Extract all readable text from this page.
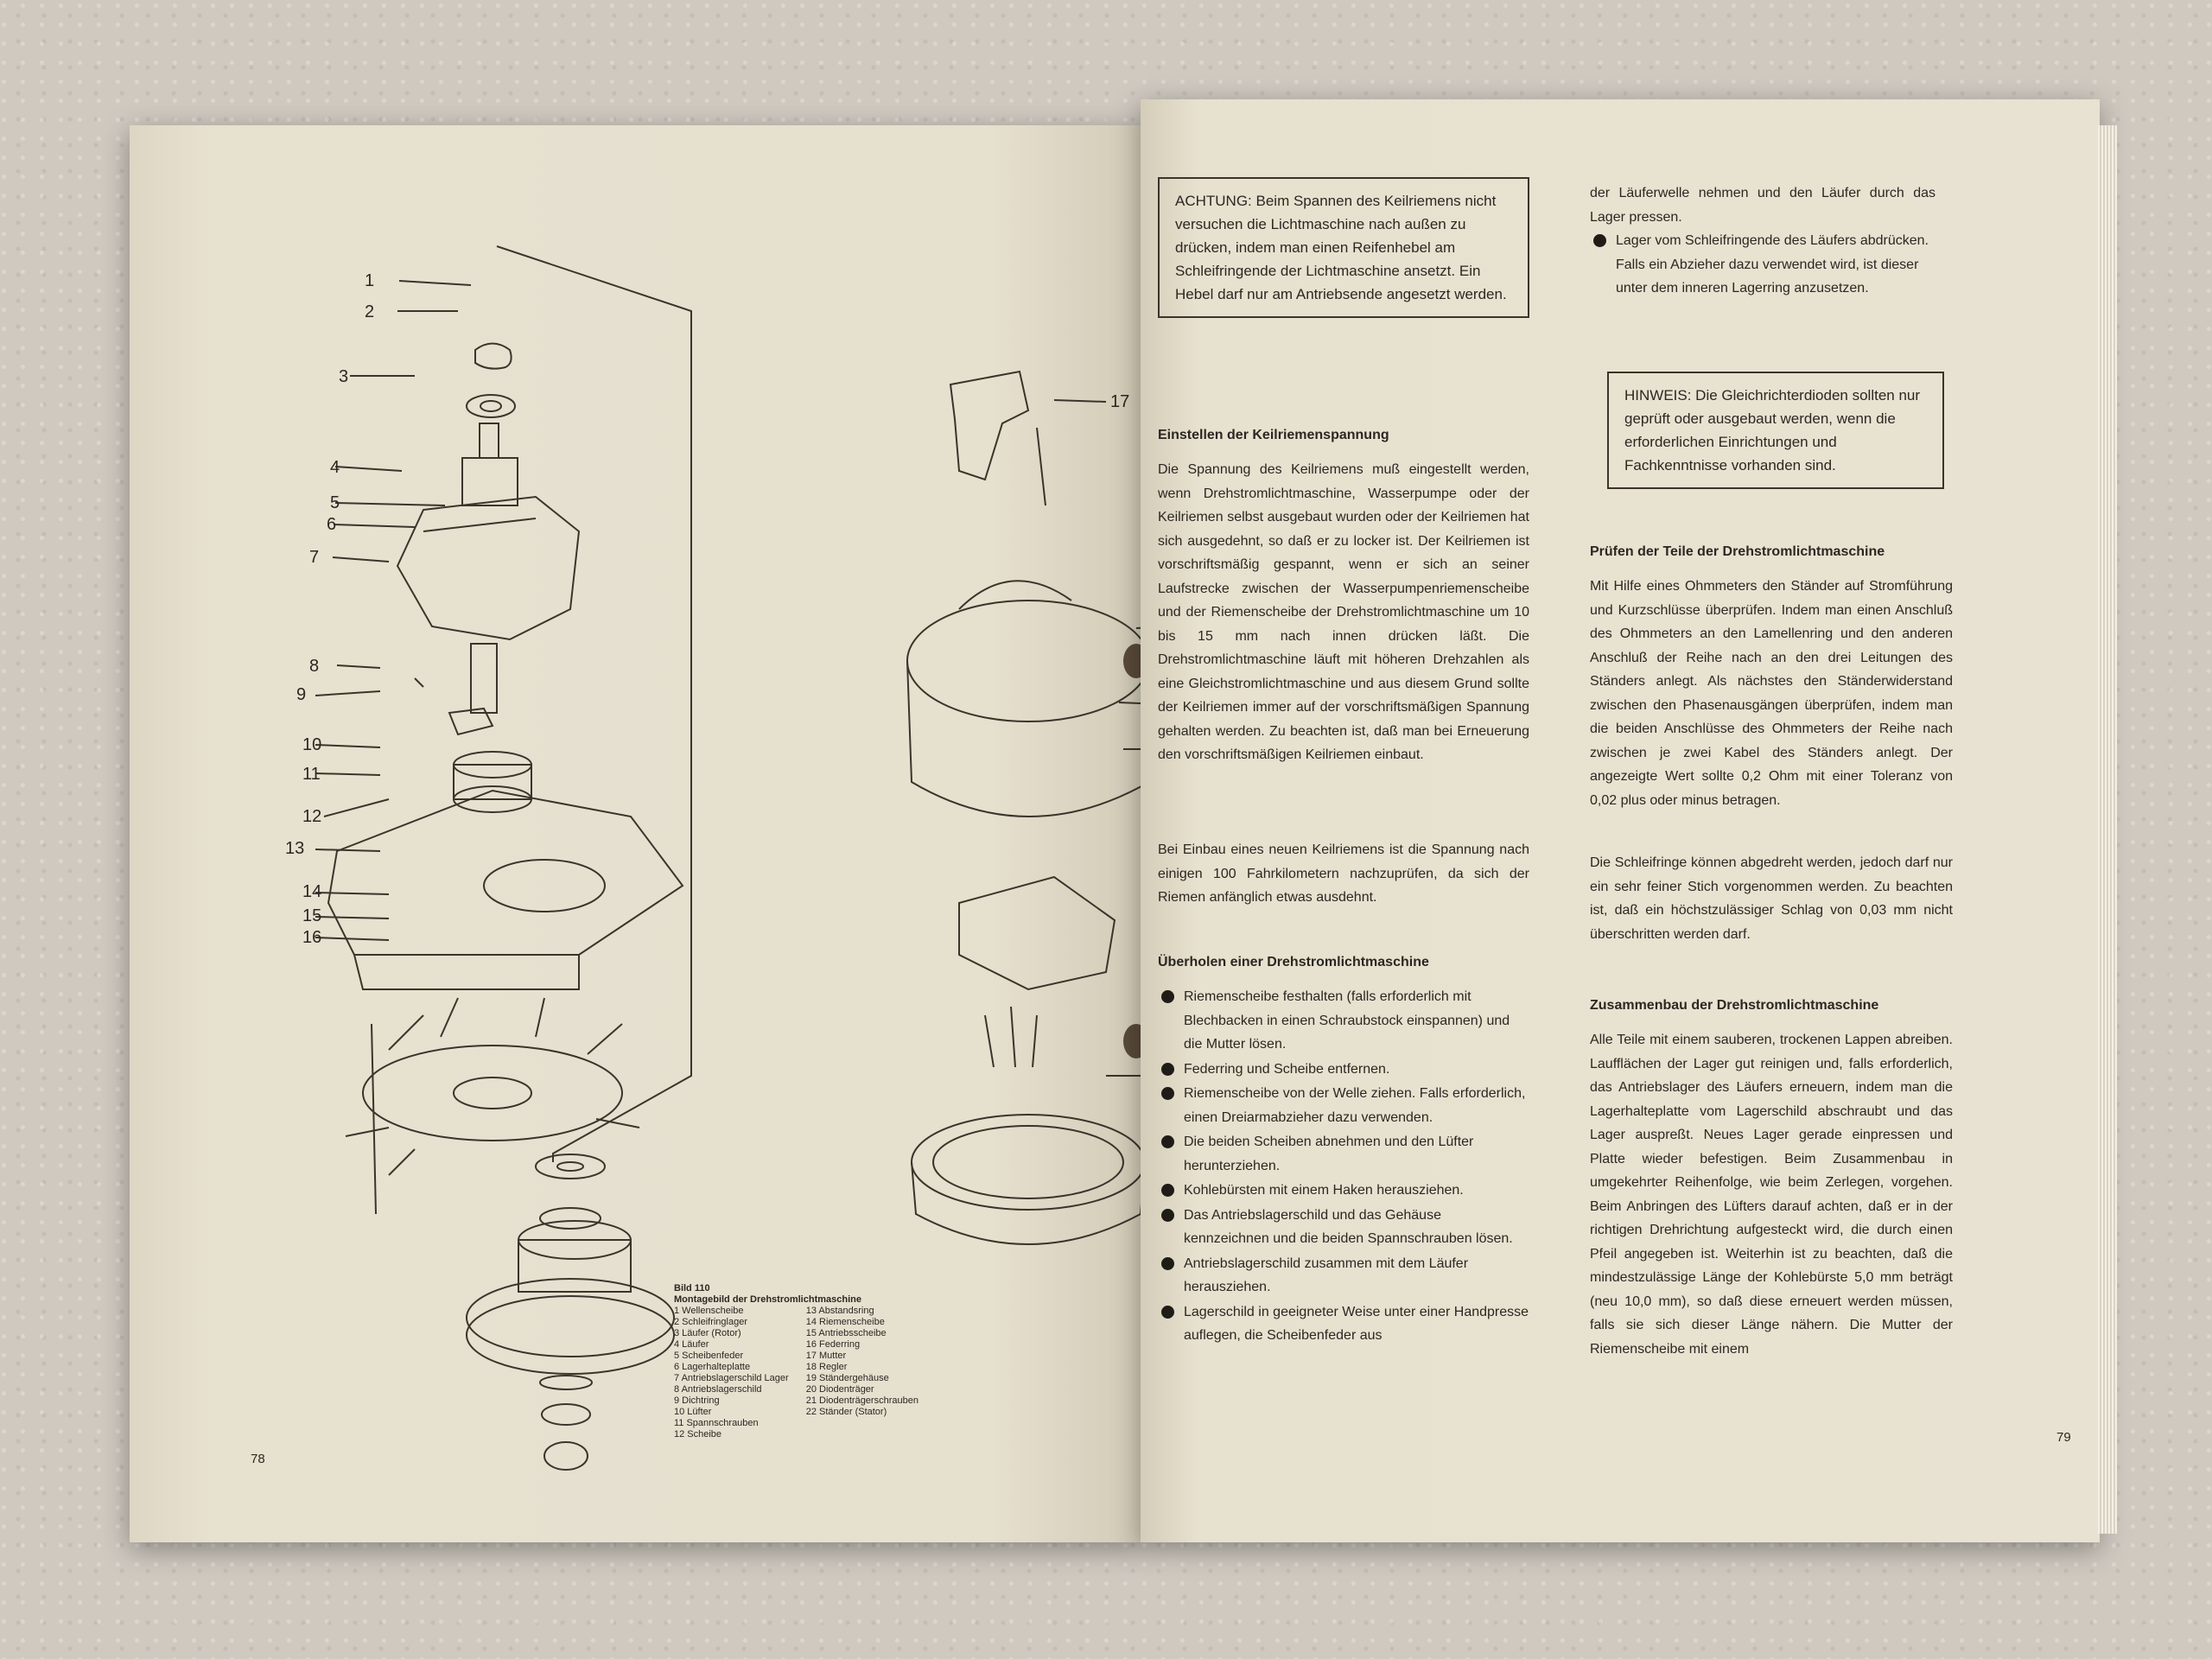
1
2
3
4
5
6
7
8
9
10
11
12
13
14
15
16
17
Bild 110
Montagebild der Drehstromlichtmaschine
1 Wellenscheibe
2 Schleifringlager
3 Läufer (Rotor)
4 Läufer
5 Scheibenfeder
6 Lagerhalteplatte
7 Antriebslagerschild Lager
8 Antriebslagerschild
9 Dichtring
10 Lüfter
11 Spannschrauben
12 Scheibe
13 Abstandsring
14 Riemenscheibe
15 Antriebsscheibe
16 Federring
17 Mutter
18 Regler
19 Ständergehäuse
20 Diodenträger
21 Diodenträgerschrauben
22 Ständer (Stator)
78
ACHTUNG: Beim Spannen des Keilriemens nicht versuchen die Lichtmaschine nach außen zu drücken, indem man einen Reifenhebel am Schleifringende der Lichtmaschine ansetzt. Ein Hebel darf nur am Antriebsende angesetzt werden.
Einstellen der Keilriemenspannung
Die Spannung des Keilriemens muß eingestellt werden, wenn Drehstromlichtmaschine, Wasserpumpe oder der Keilriemen selbst ausgebaut wurden oder der Keilriemen hat sich ausgedehnt, so daß er zu locker ist. Der Keilriemen ist vorschriftsmäßig gespannt, wenn er sich an seiner Laufstrecke zwischen der Wasserpumpenriemenscheibe und der Riemenscheibe der Drehstromlichtmaschine um 10 bis 15 mm nach innen drücken läßt. Die Drehstromlichtmaschine läuft mit höheren Drehzahlen als eine Gleichstromlichtmaschine und aus diesem Grund sollte der Keilriemen immer auf der vorschriftsmäßigen Spannung gehalten werden. Zu beachten ist, daß man bei Erneuerung den vorschriftsmäßigen Keilriemen einbaut.
Bei Einbau eines neuen Keilriemens ist die Spannung nach einigen 100 Fahrkilometern nachzuprüfen, da sich der Riemen anfänglich etwas ausdehnt.
Überholen einer Drehstromlichtmaschine
Riemenscheibe festhalten (falls erforderlich mit Blechbacken in einen Schraubstock einspannen) und die Mutter lösen.
Federring und Scheibe entfernen.
Riemenscheibe von der Welle ziehen. Falls erforderlich, einen Dreiarmabzieher dazu verwenden.
Die beiden Scheiben abnehmen und den Lüfter herunterziehen.
Kohlebürsten mit einem Haken herausziehen.
Das Antriebslagerschild und das Gehäuse kennzeichnen und die beiden Spannschrauben lösen.
Antriebslagerschild zusammen mit dem Läufer herausziehen.
Lagerschild in geeigneter Weise unter einer Handpresse auflegen, die Scheibenfeder aus
der Läuferwelle nehmen und den Läufer durch das Lager pressen.
Lager vom Schleifringende des Läufers abdrücken. Falls ein Abzieher dazu verwendet wird, ist dieser unter dem inneren Lagerring anzusetzen.
HINWEIS: Die Gleichrichterdioden sollten nur geprüft oder ausgebaut werden, wenn die erforderlichen Einrichtungen und Fachkenntnisse vorhanden sind.
Prüfen der Teile der Drehstromlichtmaschine
Mit Hilfe eines Ohmmeters den Ständer auf Stromführung und Kurzschlüsse überprüfen. Indem man einen Anschluß des Ohmmeters an den Lamellenring und den anderen Anschluß der Reihe nach an den drei Leitungen des Ständers anlegt. Als nächstes den Ständerwiderstand zwischen den Phasenausgängen überprüfen, indem man die beiden Anschlüsse des Ohmmeters der Reihe nach zwischen je zwei Kabel des Ständers anlegt. Der angezeigte Wert sollte 0,2 Ohm mit einer Toleranz von 0,02 plus oder minus betragen.
Die Schleifringe können abgedreht werden, jedoch darf nur ein sehr feiner Stich vorgenommen werden. Zu beachten ist, daß ein höchstzulässiger Schlag von 0,03 mm nicht überschritten werden darf.
Zusammenbau der Drehstromlichtmaschine
Alle Teile mit einem sauberen, trockenen Lappen abreiben. Laufflächen der Lager gut reinigen und, falls erforderlich, das Antriebslager des Läufers erneuern, indem man die Lagerhalteplatte vom Lagerschild abschraubt und das Lager auspreßt. Neues Lager gerade einpressen und Platte wieder befestigen. Beim Zusammenbau in umgekehrter Reihenfolge, wie beim Zerlegen, vorgehen. Beim Anbringen des Lüfters darauf achten, daß er in der richtigen Drehrichtung aufgesteckt wird, die durch einen Pfeil angegeben ist. Weiterhin ist zu beachten, daß die mindestzulässige Länge der Kohlebürste 5,0 mm beträgt (neu 10,0 mm), so daß diese erneuert werden müssen, falls sie sich dieser Länge nähern. Die Mutter der Riemenscheibe mit einem
79
